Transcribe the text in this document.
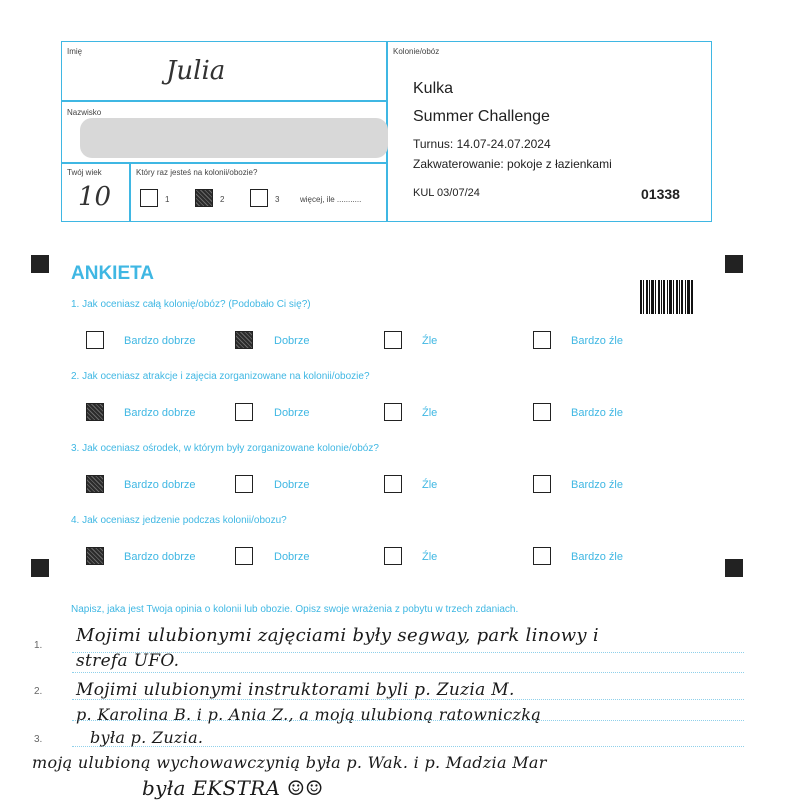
Imię
Julia
Nazwisko
Twój wiek
10
Który raz jesteś na kolonii/obozie?
1	2	3	więcej, ile ...........
Kolonie/obóz
Kulka
Summer Challenge
Turnus: 14.07-24.07.2024
Zakwaterowanie: pokoje z łazienkami
KUL 03/07/24	01338
ANKIETA
1. Jak oceniasz całą kolonię/obóz? (Podobało Ci się?)
Bardzo dobrze	Dobrze	Źle	Bardzo źle
2. Jak oceniasz atrakcje i zajęcia zorganizowane na kolonii/obozie?
Bardzo dobrze	Dobrze	Źle	Bardzo źle
3. Jak oceniasz ośrodek, w którym były zorganizowane kolonie/obóz?
Bardzo dobrze	Dobrze	Źle	Bardzo źle
4. Jak oceniasz jedzenie podczas kolonii/obozu?
Bardzo dobrze	Dobrze	Źle	Bardzo źle
Napisz, jaka jest Twoja opinia o kolonii lub obozie. Opisz swoje wrażenia z pobytu w trzech zdaniach.
1.
2.
3.
Mojimi ulubionymi zajęciami były segway, park linowy i
strefa UFO.
Mojimi ulubionymi instruktorami byli p. Zuzia M.
p. Karolina B. i p. Ania Z., a moją ulubioną ratowniczką
była p. Zuzia.
moją ulubioną wychowawczynią była p. Wak. i p. Madzia Mar
była EKSTRA ☺☺
